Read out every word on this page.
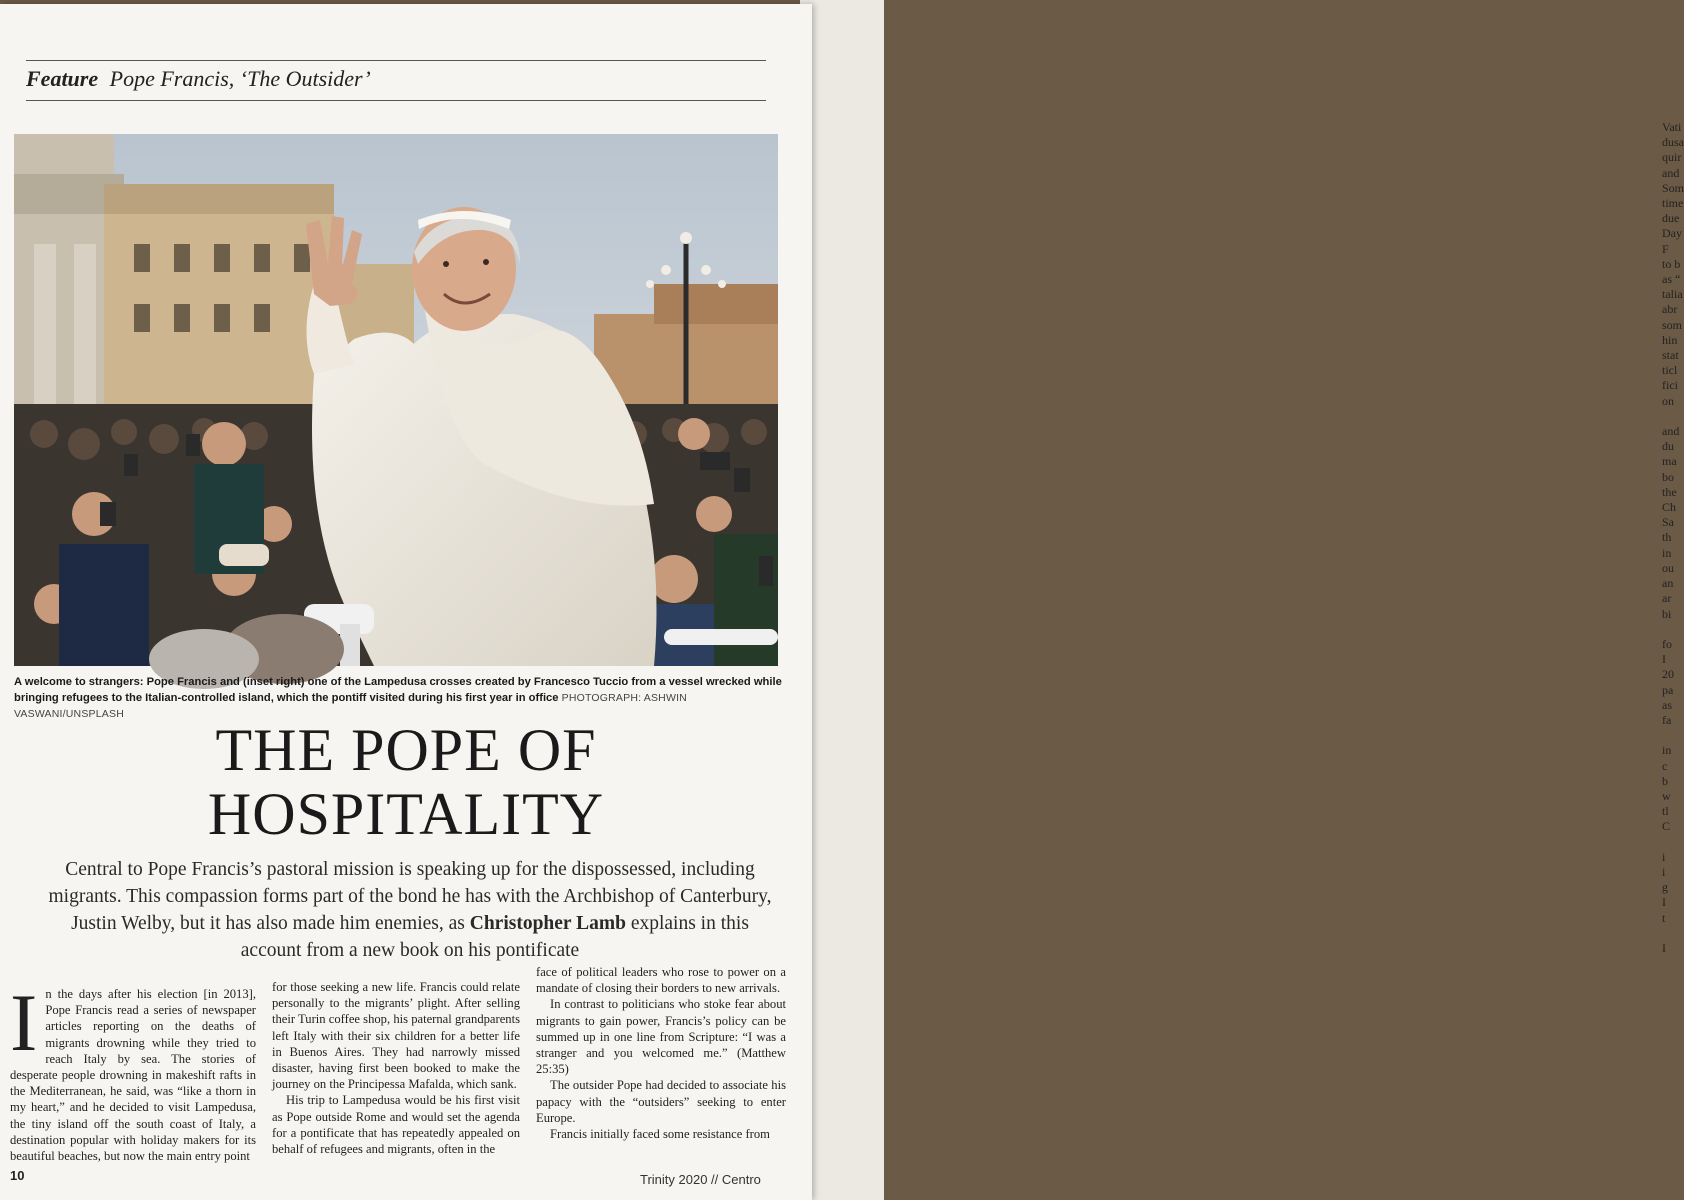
Vati
dusa
quir
and
Som
time
due
Day
F
to b
as “
talia
abr
som
hin
stat
ticl
fici
on

and
du
ma
bo
the
Ch
Sa
th
in
ou
an
ar
bi

fo
I
20
pa
as
fa

in
c
b
w
tl
C

i
i
g
I
t

I
Feature Pope Francis, ‘The Outsider’
A welcome to strangers: Pope Francis and (inset right) one of the Lampedusa crosses created by Francesco Tuccio from a vessel wrecked while bringing refugees to the Italian-controlled island, which the pontiff visited during his first year in office PHOTOGRAPH: ASHWIN VASWANI/UNSPLASH
THE POPE OF
HOSPITALITY
Central to Pope Francis’s pastoral mission is speaking up for the dispossessed, including migrants. This compassion forms part of the bond he has with the Archbishop of Canterbury, Justin Welby, but it has also made him enemies, as Christopher Lamb explains in this account from a new book on his pontificate
I n the days after his election [in 2013], Pope Francis read a series of newspaper articles reporting on the deaths of migrants drowning while they tried to reach Italy by sea. The stories of desperate people drowning in makeshift rafts in the Mediterranean, he said, was “like a thorn in my heart,” and he decided to visit Lampedusa, the tiny island off the south coast of Italy, a destination popular with holiday makers for its beautiful beaches, but now the main entry point

for those seeking a new life. Francis could relate personally to the migrants’ plight. After selling their Turin coffee shop, his paternal grandparents left Italy with their six children for a better life in Buenos Aires. They had narrowly missed disaster, having first been booked to make the journey on the Principessa Mafalda, which sank.

His trip to Lampedusa would be his first visit as Pope outside Rome and would set the agenda for a pontificate that has repeatedly appealed on behalf of refugees and migrants, often in the

face of political leaders who rose to power on a mandate of closing their borders to new arrivals.

In contrast to politicians who stoke fear about migrants to gain power, Francis’s policy can be summed up in one line from Scripture: “I was a stranger and you welcomed me.” (Matthew 25:35)

The outsider Pope had decided to associate his papacy with the “outsiders” seeking to enter Europe.

Francis initially faced some resistance from

10	Trinity 2020 // Centro
